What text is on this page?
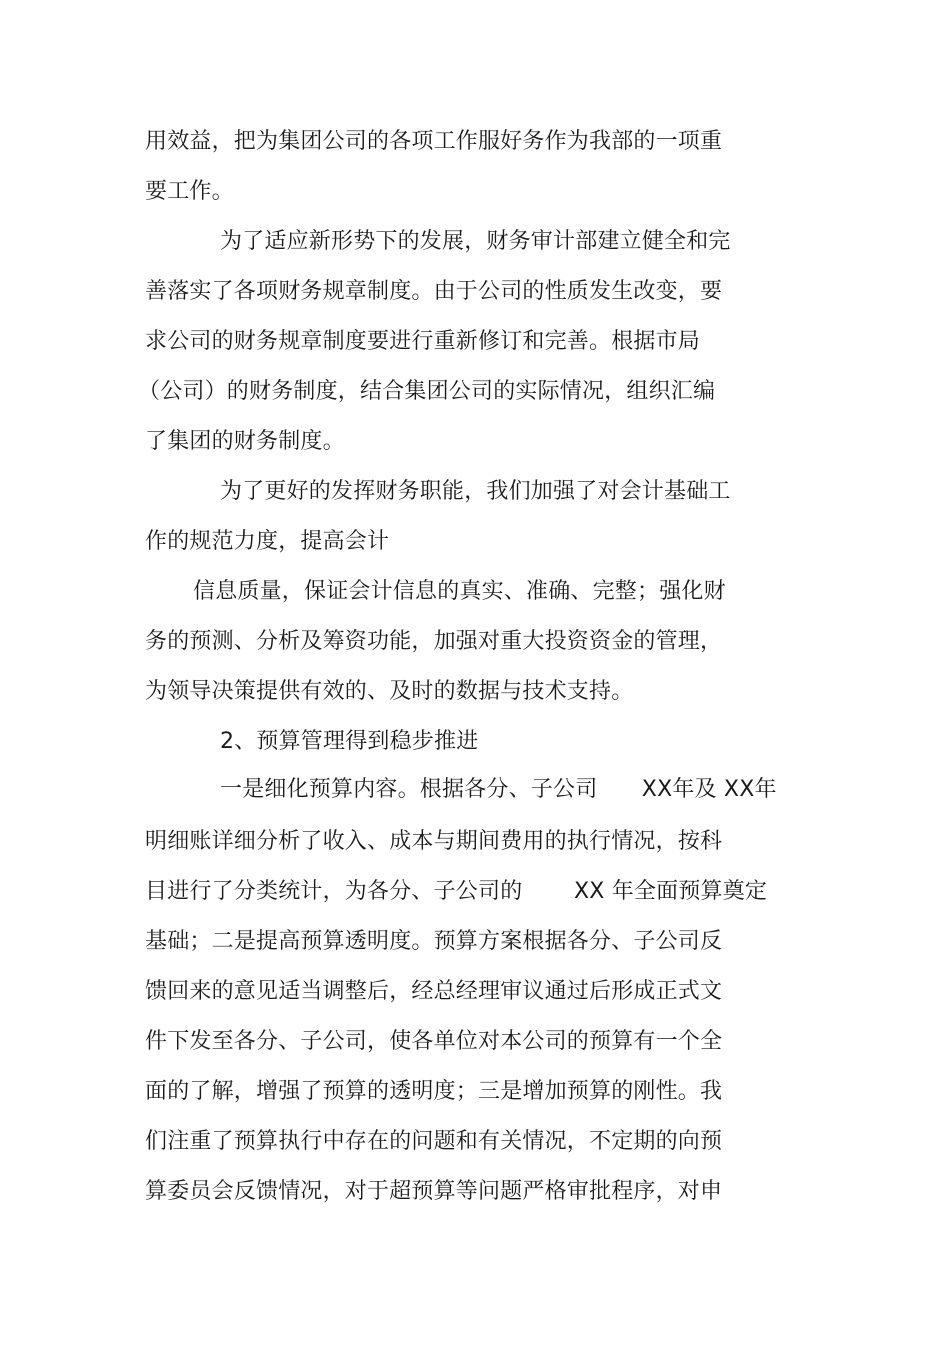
用效益，把为集团公司的各项工作服好务作为我部的一项重
要工作。
为了适应新形势下的发展，财务审计部建立健全和完
善落实了各项财务规章制度。由于公司的性质发生改变，要
求公司的财务规章制度要进行重新修订和完善。根据市局
（公司）的财务制度，结合集团公司的实际情况，组织汇编
了集团的财务制度。
为了更好的发挥财务职能，我们加强了对会计基础工
作的规范力度，提高会计
信息质量，保证会计信息的真实、准确、完整；强化财
务的预测、分析及筹资功能，加强对重大投资资金的管理，
为领导决策提供有效的、及时的数据与技术支持。
2、预算管理得到稳步推进
一是细化预算内容。根据各分、子公司　　XX年及 XX年
明细账详细分析了收入、成本与期间费用的执行情况，按科
目进行了分类统计，为各分、子公司的　　 XX 年全面预算奠定
基础；二是提高预算透明度。预算方案根据各分、子公司反
馈回来的意见适当调整后，经总经理审议通过后形成正式文
件下发至各分、子公司，使各单位对本公司的预算有一个全
面的了解，增强了预算的透明度；三是增加预算的刚性。我
们注重了预算执行中存在的问题和有关情况，不定期的向预
算委员会反馈情况，对于超预算等问题严格审批程序，对申
